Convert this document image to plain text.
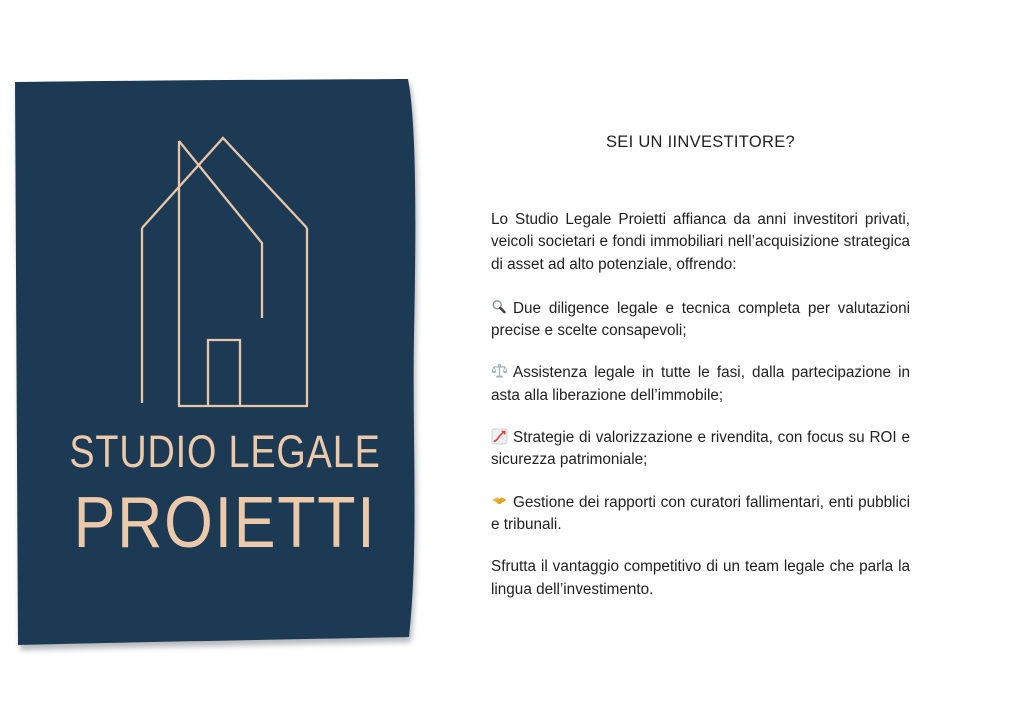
STUDIO LEGALE
PROIETTI

SEI UN IINVESTITORE?

Lo Studio Legale Proietti affianca da anni investitori privati, veicoli societari e fondi immobiliari nell’acquisizione strategica di asset ad alto potenziale, offrendo:

Due diligence legale e tecnica completa per valutazioni precise e scelte consapevoli;

Assistenza legale in tutte le fasi, dalla partecipazione in asta alla liberazione dell’immobile;

Strategie di valorizzazione e rivendita, con focus su ROI e sicurezza patrimoniale;

Gestione dei rapporti con curatori fallimentari, enti pubblici e tribunali.

Sfrutta il vantaggio competitivo di un team legale che parla la lingua dell’investimento.
